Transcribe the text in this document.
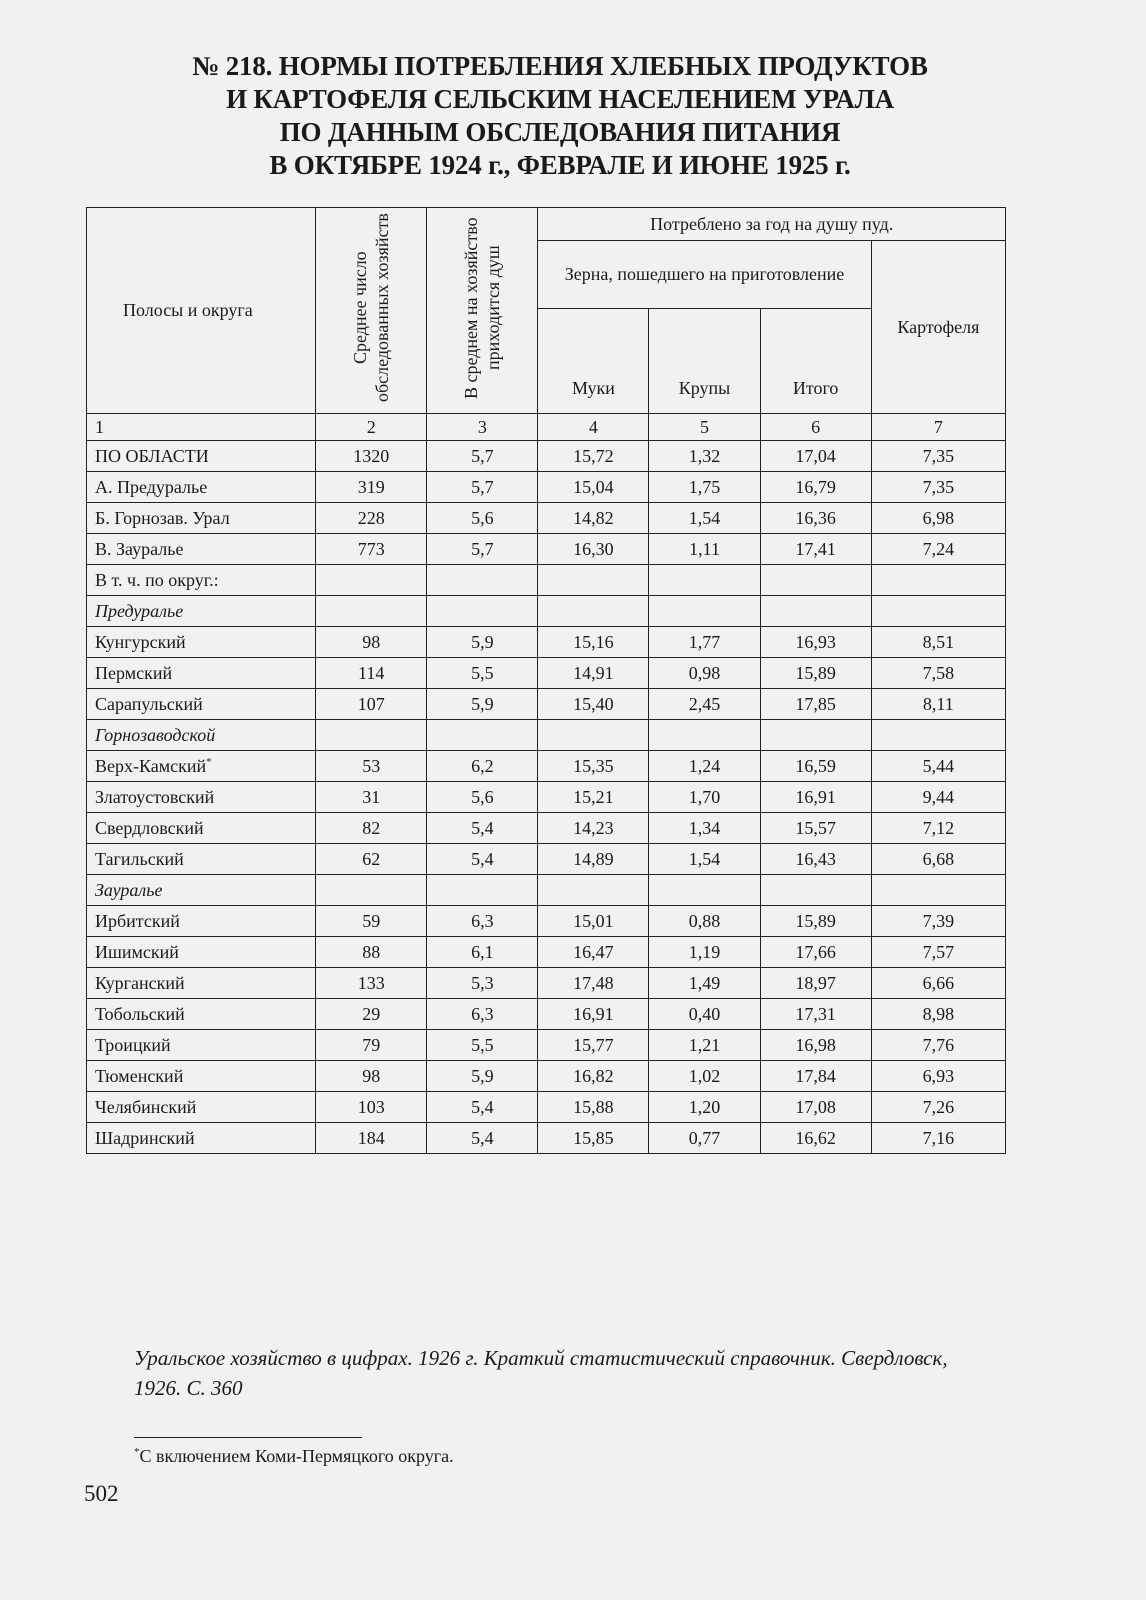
№ 218. НОРМЫ ПОТРЕБЛЕНИЯ ХЛЕБНЫХ ПРОДУКТОВ
И КАРТОФЕЛЯ СЕЛЬСКИМ НАСЕЛЕНИЕМ УРАЛА
ПО ДАННЫМ ОБСЛЕДОВАНИЯ ПИТАНИЯ
В ОКТЯБРЕ 1924 г., ФЕВРАЛЕ И ИЮНЕ 1925 г.
Полосы и округа	Среднее число обследованных хозяйств	В среднем на хозяйство приходится душ	Потреблено за год на душу пуд.			
			Зерна, пошедшего на приготовление			Картофеля
			Муки	Крупы	Итого	
1	2	3	4	5	6	7
ПО ОБЛАСТИ	1320	5,7	15,72	1,32	17,04	7,35
А. Предуралье	319	5,7	15,04	1,75	16,79	7,35
Б. Горнозав. Урал	228	5,6	14,82	1,54	16,36	6,98
В. Зауралье	773	5,7	16,30	1,11	17,41	7,24
В т. ч. по округ.:						
Предуралье						
Кунгурский	98	5,9	15,16	1,77	16,93	8,51
Пермский	114	5,5	14,91	0,98	15,89	7,58
Сарапульский	107	5,9	15,40	2,45	17,85	8,11
Горнозаводской						
Верх-Камский*	53	6,2	15,35	1,24	16,59	5,44
Златоустовский	31	5,6	15,21	1,70	16,91	9,44
Свердловский	82	5,4	14,23	1,34	15,57	7,12
Тагильский	62	5,4	14,89	1,54	16,43	6,68
Зауралье						
Ирбитский	59	6,3	15,01	0,88	15,89	7,39
Ишимский	88	6,1	16,47	1,19	17,66	7,57
Курганский	133	5,3	17,48	1,49	18,97	6,66
Тобольский	29	6,3	16,91	0,40	17,31	8,98
Троицкий	79	5,5	15,77	1,21	16,98	7,76
Тюменский	98	5,9	16,82	1,02	17,84	6,93
Челябинский	103	5,4	15,88	1,20	17,08	7,26
Шадринский	184	5,4	15,85	0,77	16,62	7,16
Уральское хозяйство в цифрах. 1926 г. Краткий статистический справочник. Свердловск, 1926. С. 360
*С включением Коми-Пермяцкого округа.
502
